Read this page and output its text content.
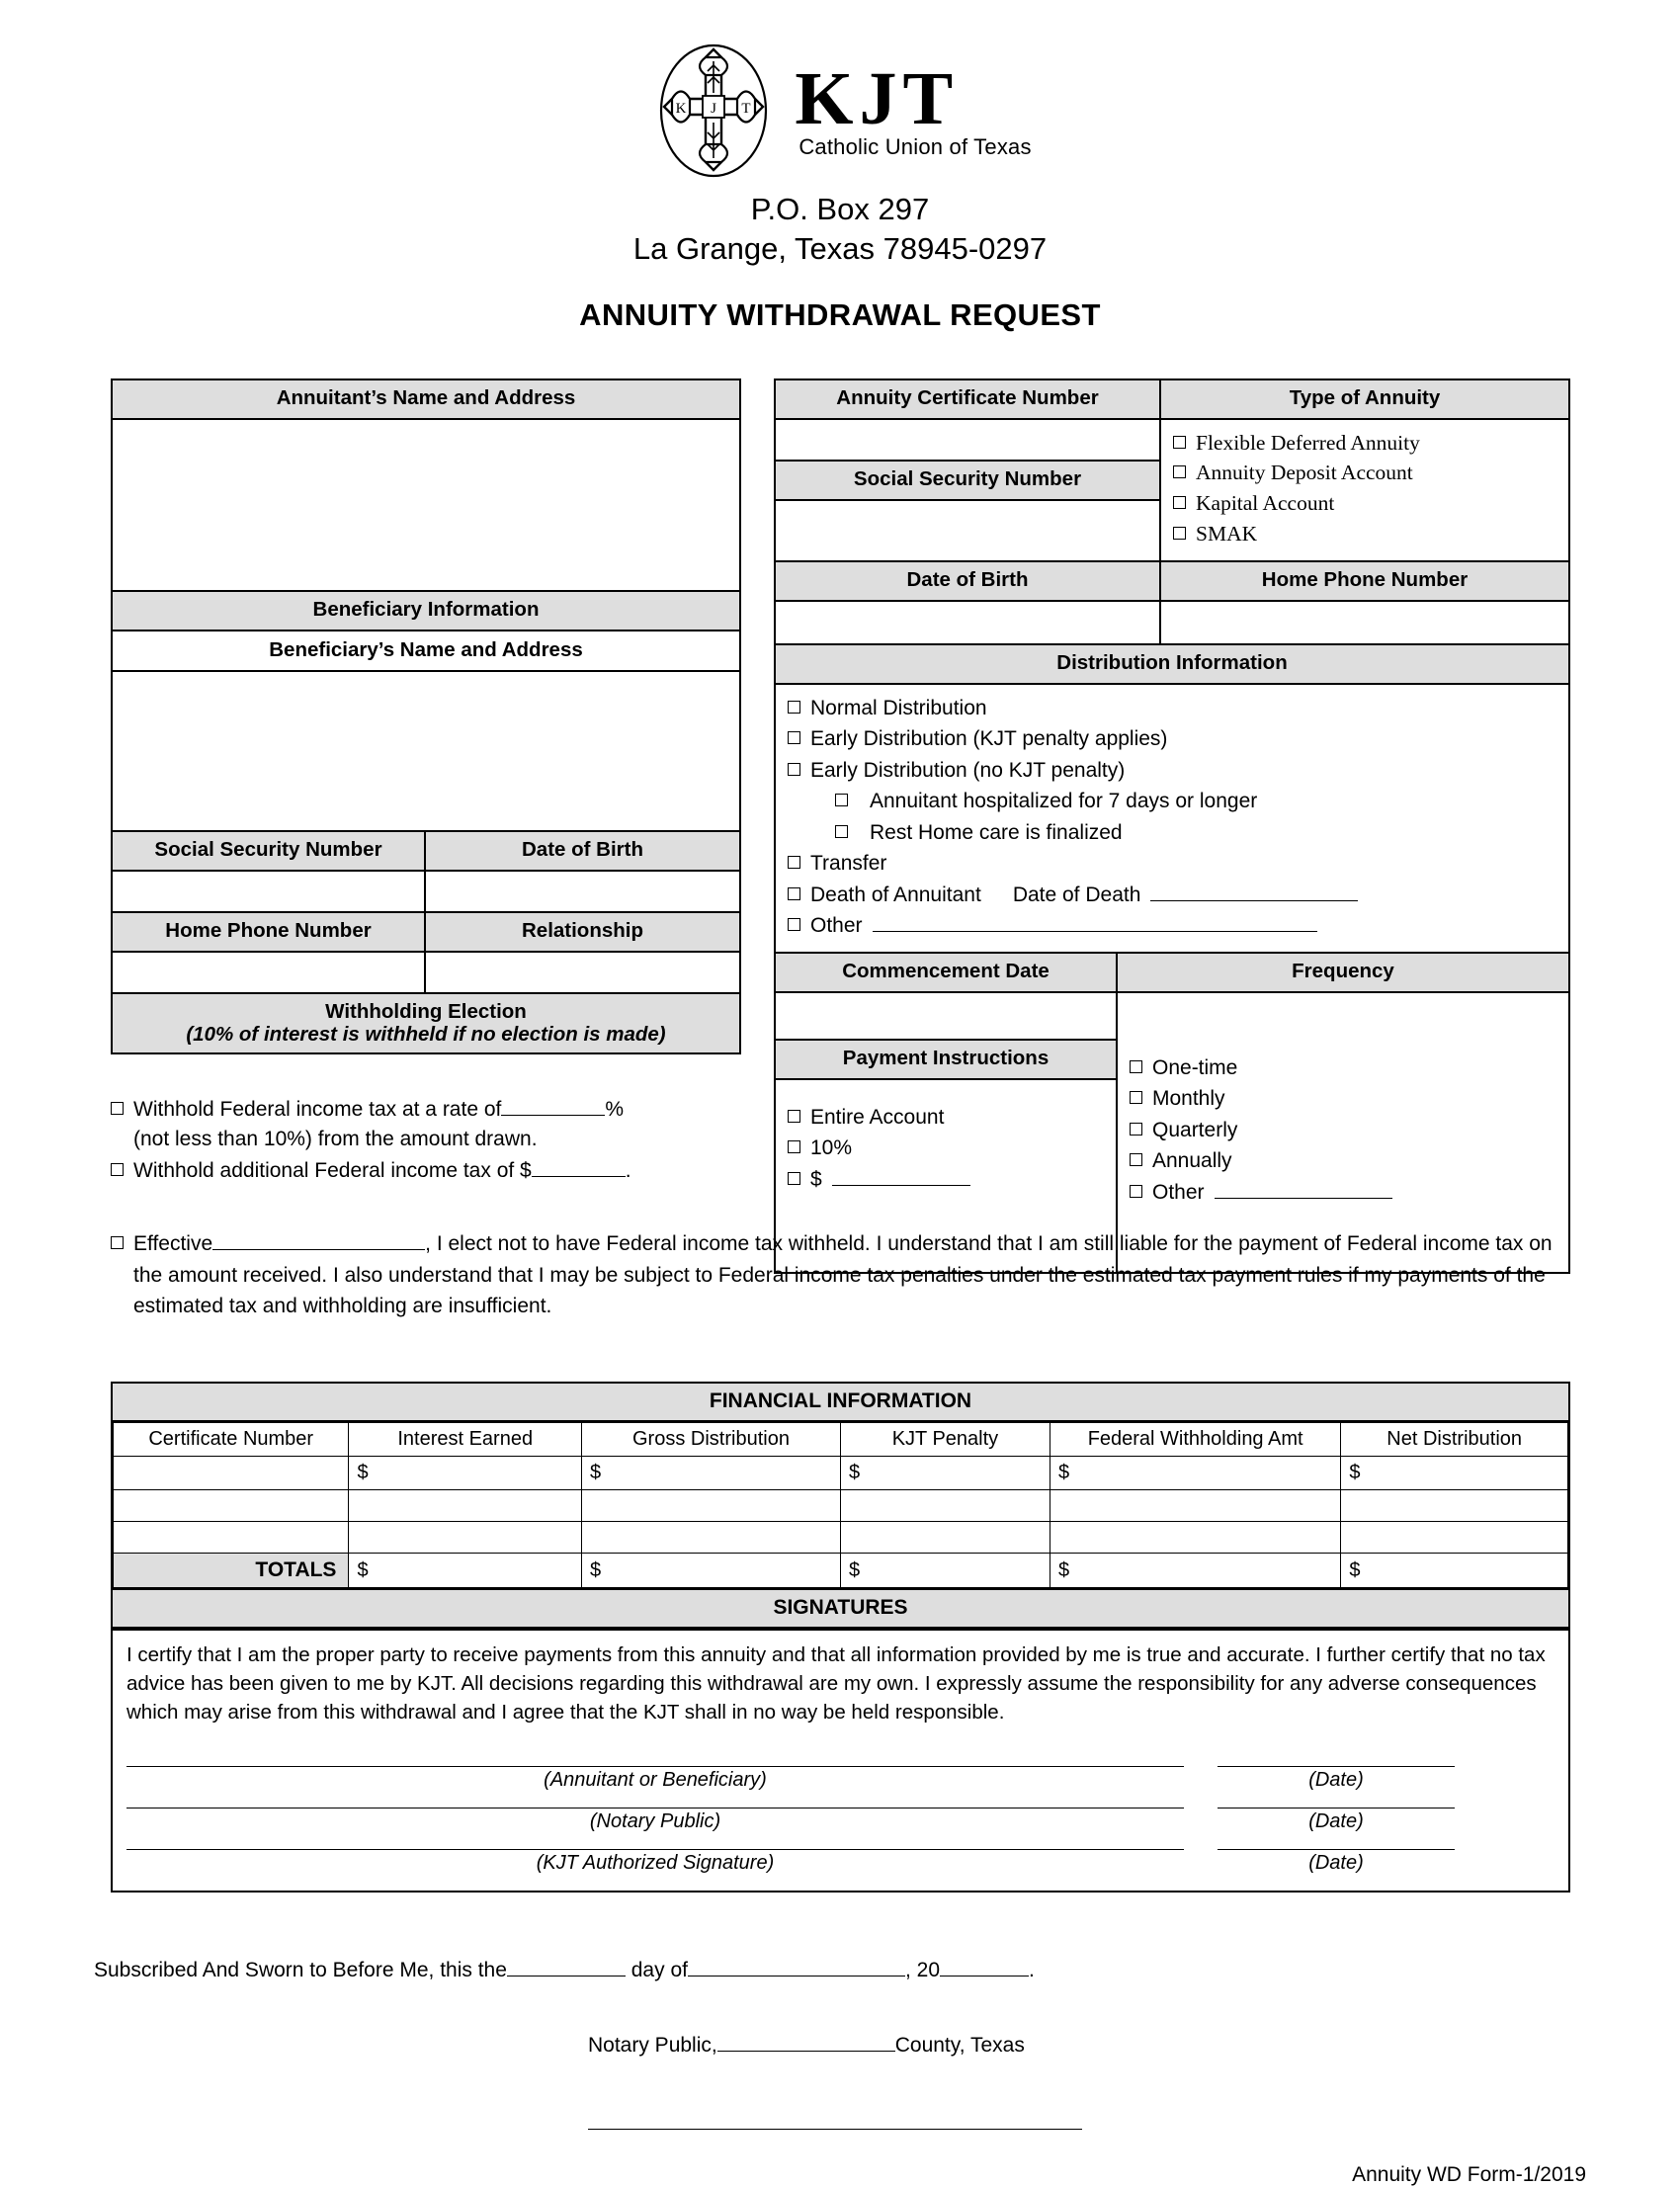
J
K	T KJT
Catholic Union of Texas
P.O. Box 297
La Grange, Texas 78945-0297
ANNUITY WITHDRAWAL REQUEST
Annuitant’s Name and Address
Beneficiary Information
Beneficiary’s Name and Address
Social Security Number	Date of Birth
Home Phone Number	Relationship
Withholding Election
(10% of interest is withheld if no election is made)
Annuity Certificate Number
Social Security Number
Type of Annuity
Flexible Deferred Annuity
Annuity Deposit Account
Kapital Account
SMAK
Date of Birth	Home Phone Number
Distribution Information
Normal Distribution
Early Distribution (KJT penalty applies)
Early Distribution (no KJT penalty)
Annuitant hospitalized for 7 days or longer
Rest Home care is finalized
Transfer
Death of Annuitant	Date of Death
Other
Commencement Date	Frequency
Payment Instructions
Entire Account
10%
$
One-time
Monthly
Quarterly
Annually
Other
Withhold Federal income tax at a rate of	%
(not less than 10%) from the amount drawn.
Withhold additional Federal income tax of $	.
Effective	, I elect not to have Federal income tax withheld. I understand that I am still liable for the payment of Federal income tax on the amount received. I also understand that I may be subject to Federal income tax penalties under the estimated tax payment rules if my payments of the estimated tax and withholding are insufficient.
FINANCIAL INFORMATION
Certificate Number	Interest Earned	Gross Distribution	KJT Penalty	Federal Withholding Amt	Net Distribution
	$	$	$	$	$

TOTALS	$	$	$	$	$
SIGNATURES
I certify that I am the proper party to receive payments from this annuity and that all information provided by me is true and accurate. I further certify that no tax advice has been given to me by KJT. All decisions regarding this withdrawal are my own. I expressly assume the responsibility for any adverse consequences which may arise from this withdrawal and I agree that the KJT shall in no way be held responsible.
(Annuitant or Beneficiary)	(Date)
(Notary Public)	(Date)
(KJT Authorized Signature)	(Date)
Subscribed And Sworn to Before Me, this the	day of	, 20	.
Notary Public,	County, Texas
Annuity WD Form-1/2019
